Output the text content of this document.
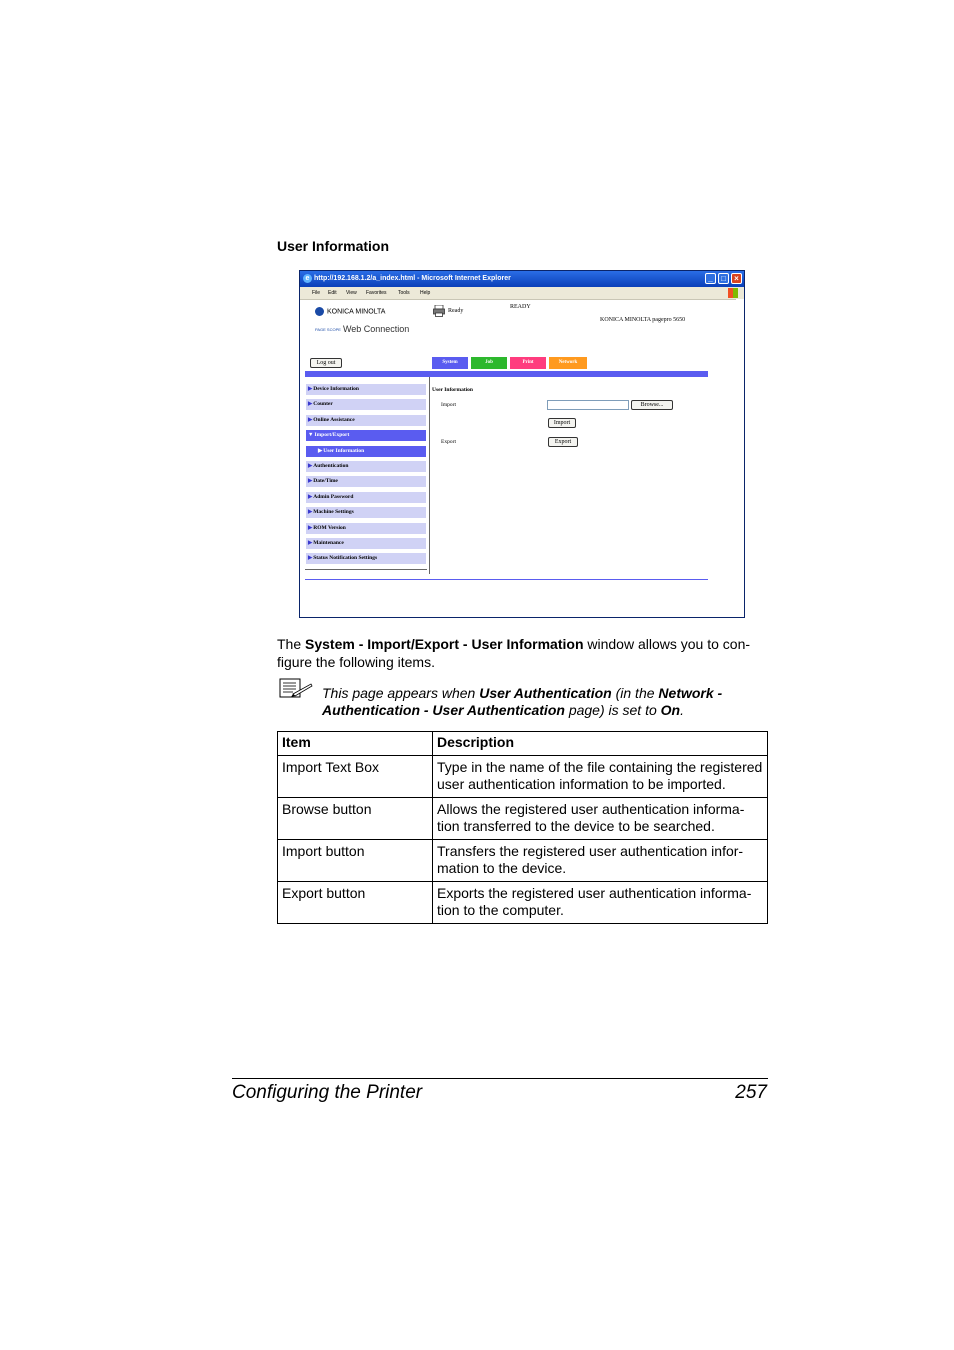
User Information
e http://192.168.1.2/a_index.html - Microsoft Internet Explorer	_	□	×
File Edit View Favorites Tools Help
KONICA MINOLTA
PAGE SCOPE Web Connection
Ready
READY
KONICA MINOLTA pagepro 5650
Log out	System	Job	Print	Network
▶Device Information
▶Counter
▶Online Assistance
▼Import/Export
▶User Information
▶Authentication
▶Date/Time
▶Admin Password
▶Machine Settings
▶ROM Version
▶Maintenance
▶Status Notification Settings
User Information
Import	Browse...
Import
Export	Export
The System - Import/Export - User Information window allows you to con-figure the following items.
This page appears when User Authentication (in the Network - Authentication - User Authentication page) is set to On.
Item	Description
Import Text Box	Type in the name of the file containing the registered user authentication information to be imported.
Browse button	Allows the registered user authentication informa-tion transferred to the device to be searched.
Import button	Transfers the registered user authentication infor-mation to the device.
Export button	Exports the registered user authentication informa-tion to the computer.
Configuring the Printer	257
